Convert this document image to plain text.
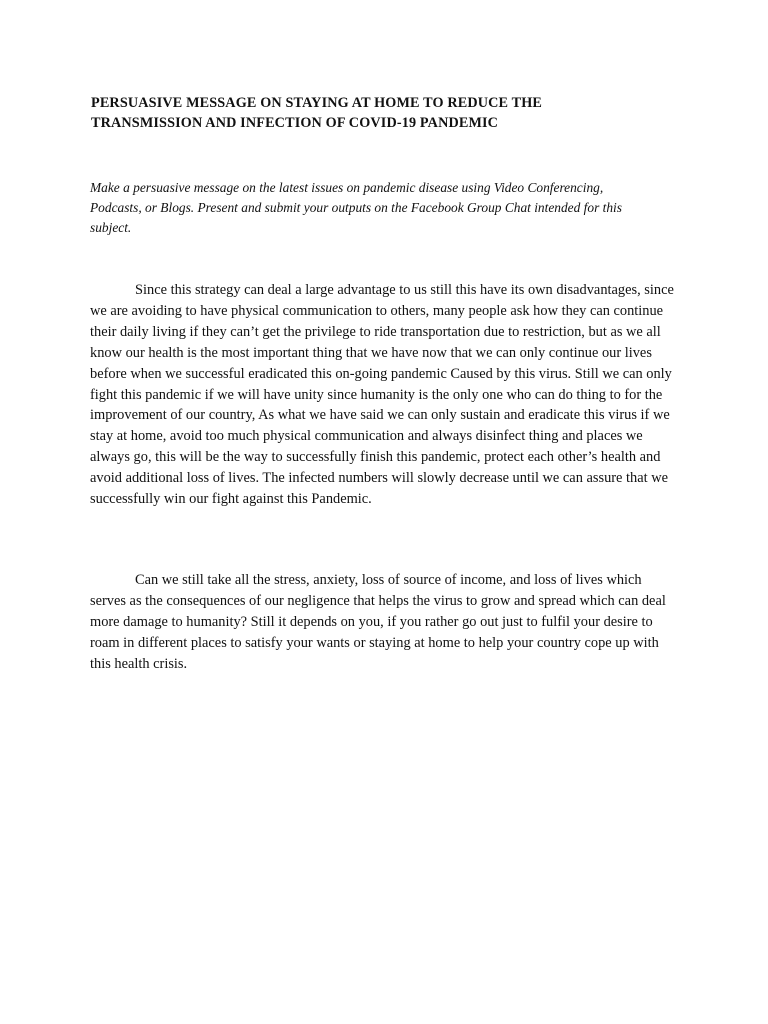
PERSUASIVE MESSAGE ON STAYING AT HOME TO REDUCE THE TRANSMISSION AND INFECTION OF COVID-19 PANDEMIC

Make a persuasive message on the latest issues on pandemic disease using Video Conferencing, Podcasts, or Blogs. Present and submit your outputs on the Facebook Group Chat intended for this subject.

Since this strategy can deal a large advantage to us still this have its own disadvantages, since we are avoiding to have physical communication to others, many people ask how they can continue their daily living if they can’t get the privilege to ride transportation due to restriction, but as we all know our health is the most important thing that we have now that we can only continue our lives before when we successful eradicated this on-going pandemic Caused by this virus. Still we can only fight this pandemic if we will have unity since humanity is the only one who can do thing to for the improvement of our country, As what we have said we can only sustain and eradicate this virus if we stay at home, avoid too much physical communication and always disinfect thing and places we always go, this will be the way to successfully finish this pandemic, protect each other’s health and avoid additional loss of lives. The infected numbers will slowly decrease until we can assure that we successfully win our fight against this Pandemic.

Can we still take all the stress, anxiety, loss of source of income, and loss of lives which serves as the consequences of our negligence that helps the virus to grow and spread which can deal more damage to humanity? Still it depends on you, if you rather go out just to fulfil your desire to roam in different places to satisfy your wants or staying at home to help your country cope up with this health crisis.
